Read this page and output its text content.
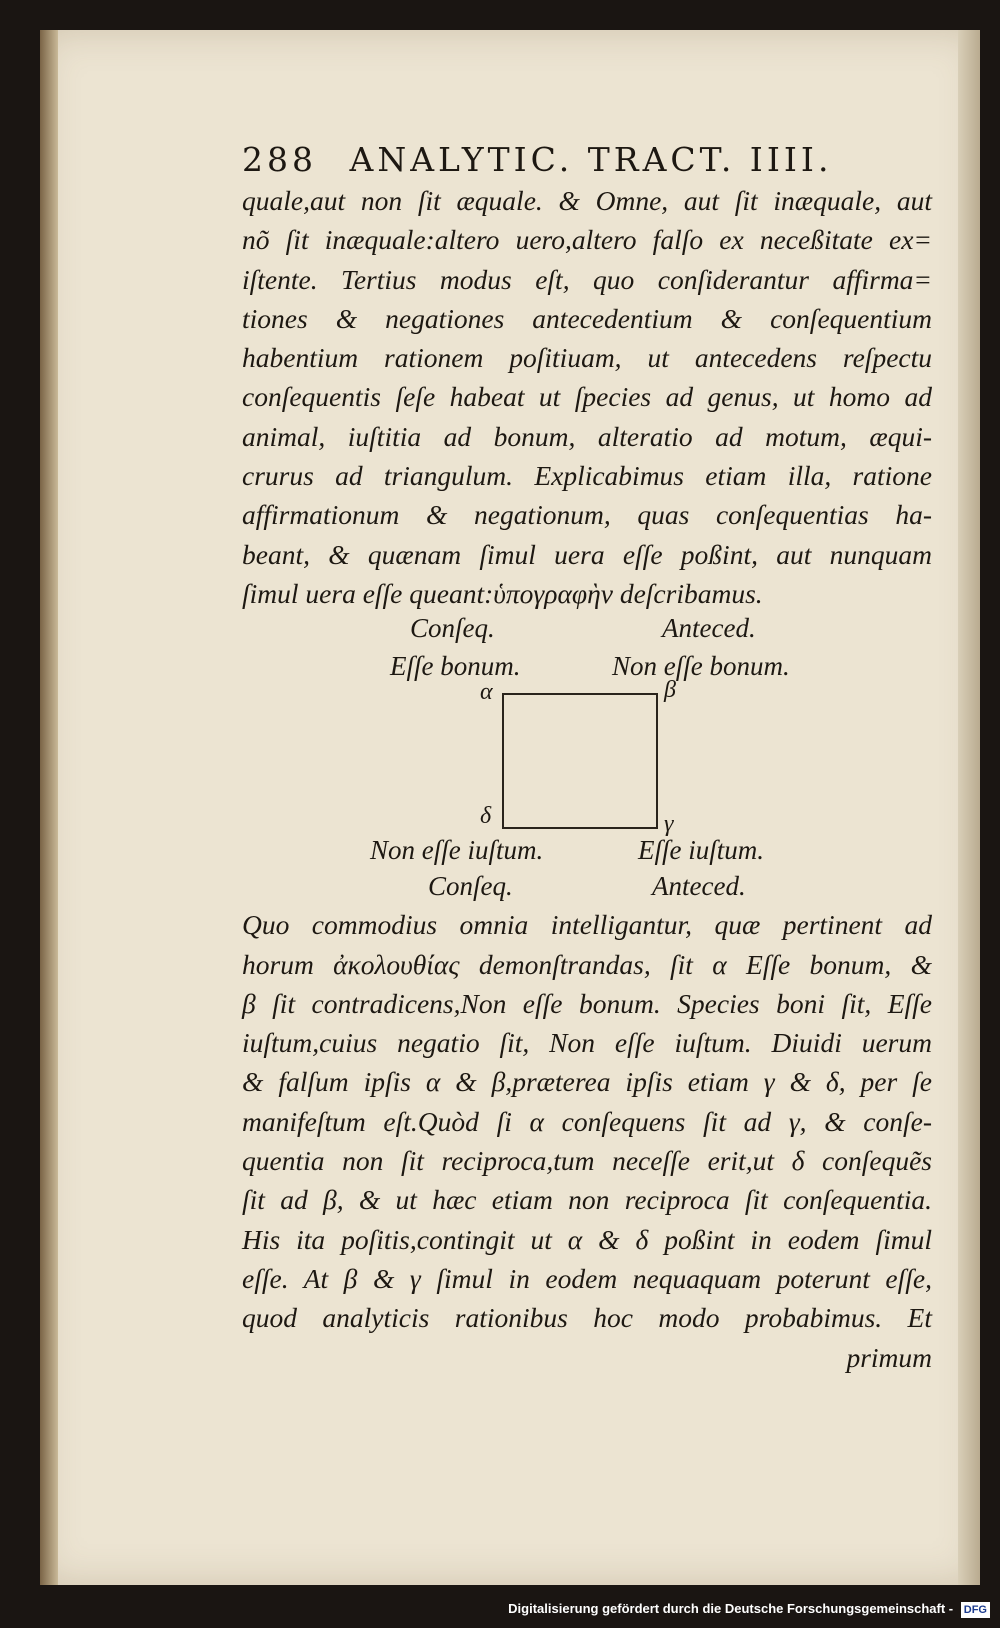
288 ANALYTIC. TRACT. IIII.
quale,aut non ſit æquale. & Omne, aut ſit inæquale, aut
nõ ſit inæquale:altero uero,altero falſo ex neceßitate ex=
iſtente. Tertius modus eſt, quo conſiderantur affirma=
tiones & negationes antecedentium & conſequentium
habentium rationem poſitiuam, ut antecedens reſpectu
conſequentis ſeſe habeat ut ſpecies ad genus, ut homo ad
animal, iuſtitia ad bonum, alteratio ad motum, æqui-
crurus ad triangulum. Explicabimus etiam illa, ratione
affirmationum & negationum, quas conſequentias ha-
beant, & quænam ſimul uera eſſe poßint, aut nunquam
ſimul uera eſſe queant:ὑπογραφὴν deſcribamus.
Conſeq.	Anteced.
Eſſe bonum.	Non eſſe bonum.
α	β
δ	γ
Non eſſe iuſtum.	Eſſe iuſtum.
Conſeq.	Anteced.
Quo commodius omnia intelligantur, quæ pertinent ad
horum ἀκολουθίας demonſtrandas, ſit α Eſſe bonum, &
β ſit contradicens,Non eſſe bonum. Species boni ſit, Eſſe
iuſtum,cuius negatio ſit, Non eſſe iuſtum. Diuidi uerum
& falſum ipſis α & β,præterea ipſis etiam γ & δ, per ſe
manifeſtum eſt.Quòd ſi α conſequens ſit ad γ, & conſe-
quentia non ſit reciproca,tum neceſſe erit,ut δ conſequẽs
ſit ad β, & ut hæc etiam non reciproca ſit conſequentia.
His ita poſitis,contingit ut α & δ poßint in eodem ſimul
eſſe. At β & γ ſimul in eodem nequaquam poterunt eſſe,
quod analyticis rationibus hoc modo probabimus. Et
primum
Digitalisierung gefördert durch die Deutsche Forschungsgemeinschaft - DFG
